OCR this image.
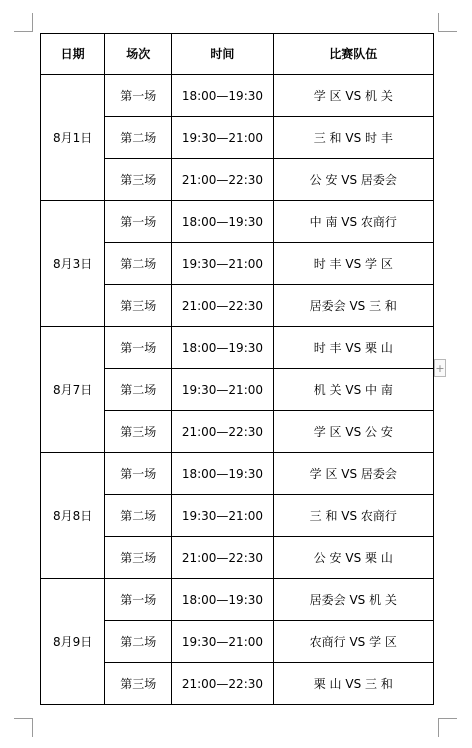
日期	场次	时间	比赛队伍
8月1日	第一场	18:00—19:30	学 区 VS 机 关
	第二场	19:30—21:00	三 和 VS 时 丰
	第三场	21:00—22:30	公 安 VS 居委会
8月3日	第一场	18:00—19:30	中 南 VS 农商行
	第二场	19:30—21:00	时 丰 VS 学 区
	第三场	21:00—22:30	居委会 VS 三 和
8月7日	第一场	18:00—19:30	时 丰 VS 栗 山
	第二场	19:30—21:00	机 关 VS 中 南
	第三场	21:00—22:30	学 区 VS 公 安
8月8日	第一场	18:00—19:30	学 区 VS 居委会
	第二场	19:30—21:00	三 和 VS 农商行
	第三场	21:00—22:30	公 安 VS 栗 山
8月9日	第一场	18:00—19:30	居委会 VS 机 关
	第二场	19:30—21:00	农商行 VS 学 区
	第三场	21:00—22:30	栗 山 VS 三 和
+
